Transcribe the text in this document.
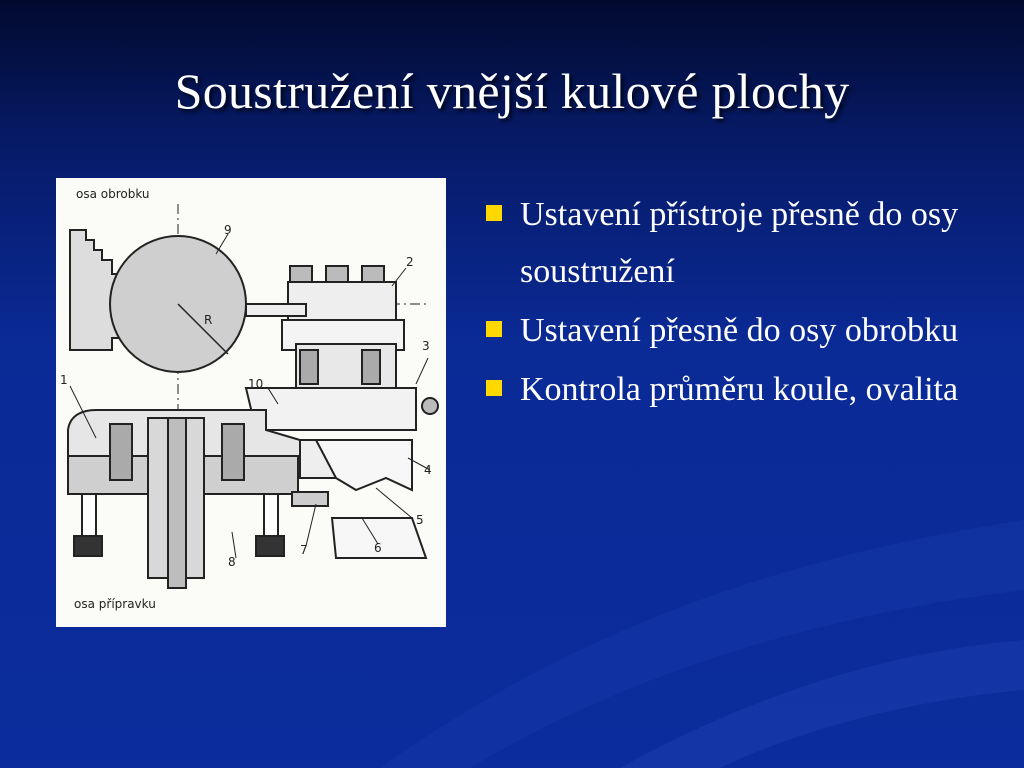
Soustružení vnější kulové plochy
osa obrobku
osa přípravku
1
2
3
4
5
6
7
8
9
10
R
Ustavení přístroje přesně do osy soustružení
Ustavení přesně do osy obrobku
Kontrola průměru koule, ovalita
